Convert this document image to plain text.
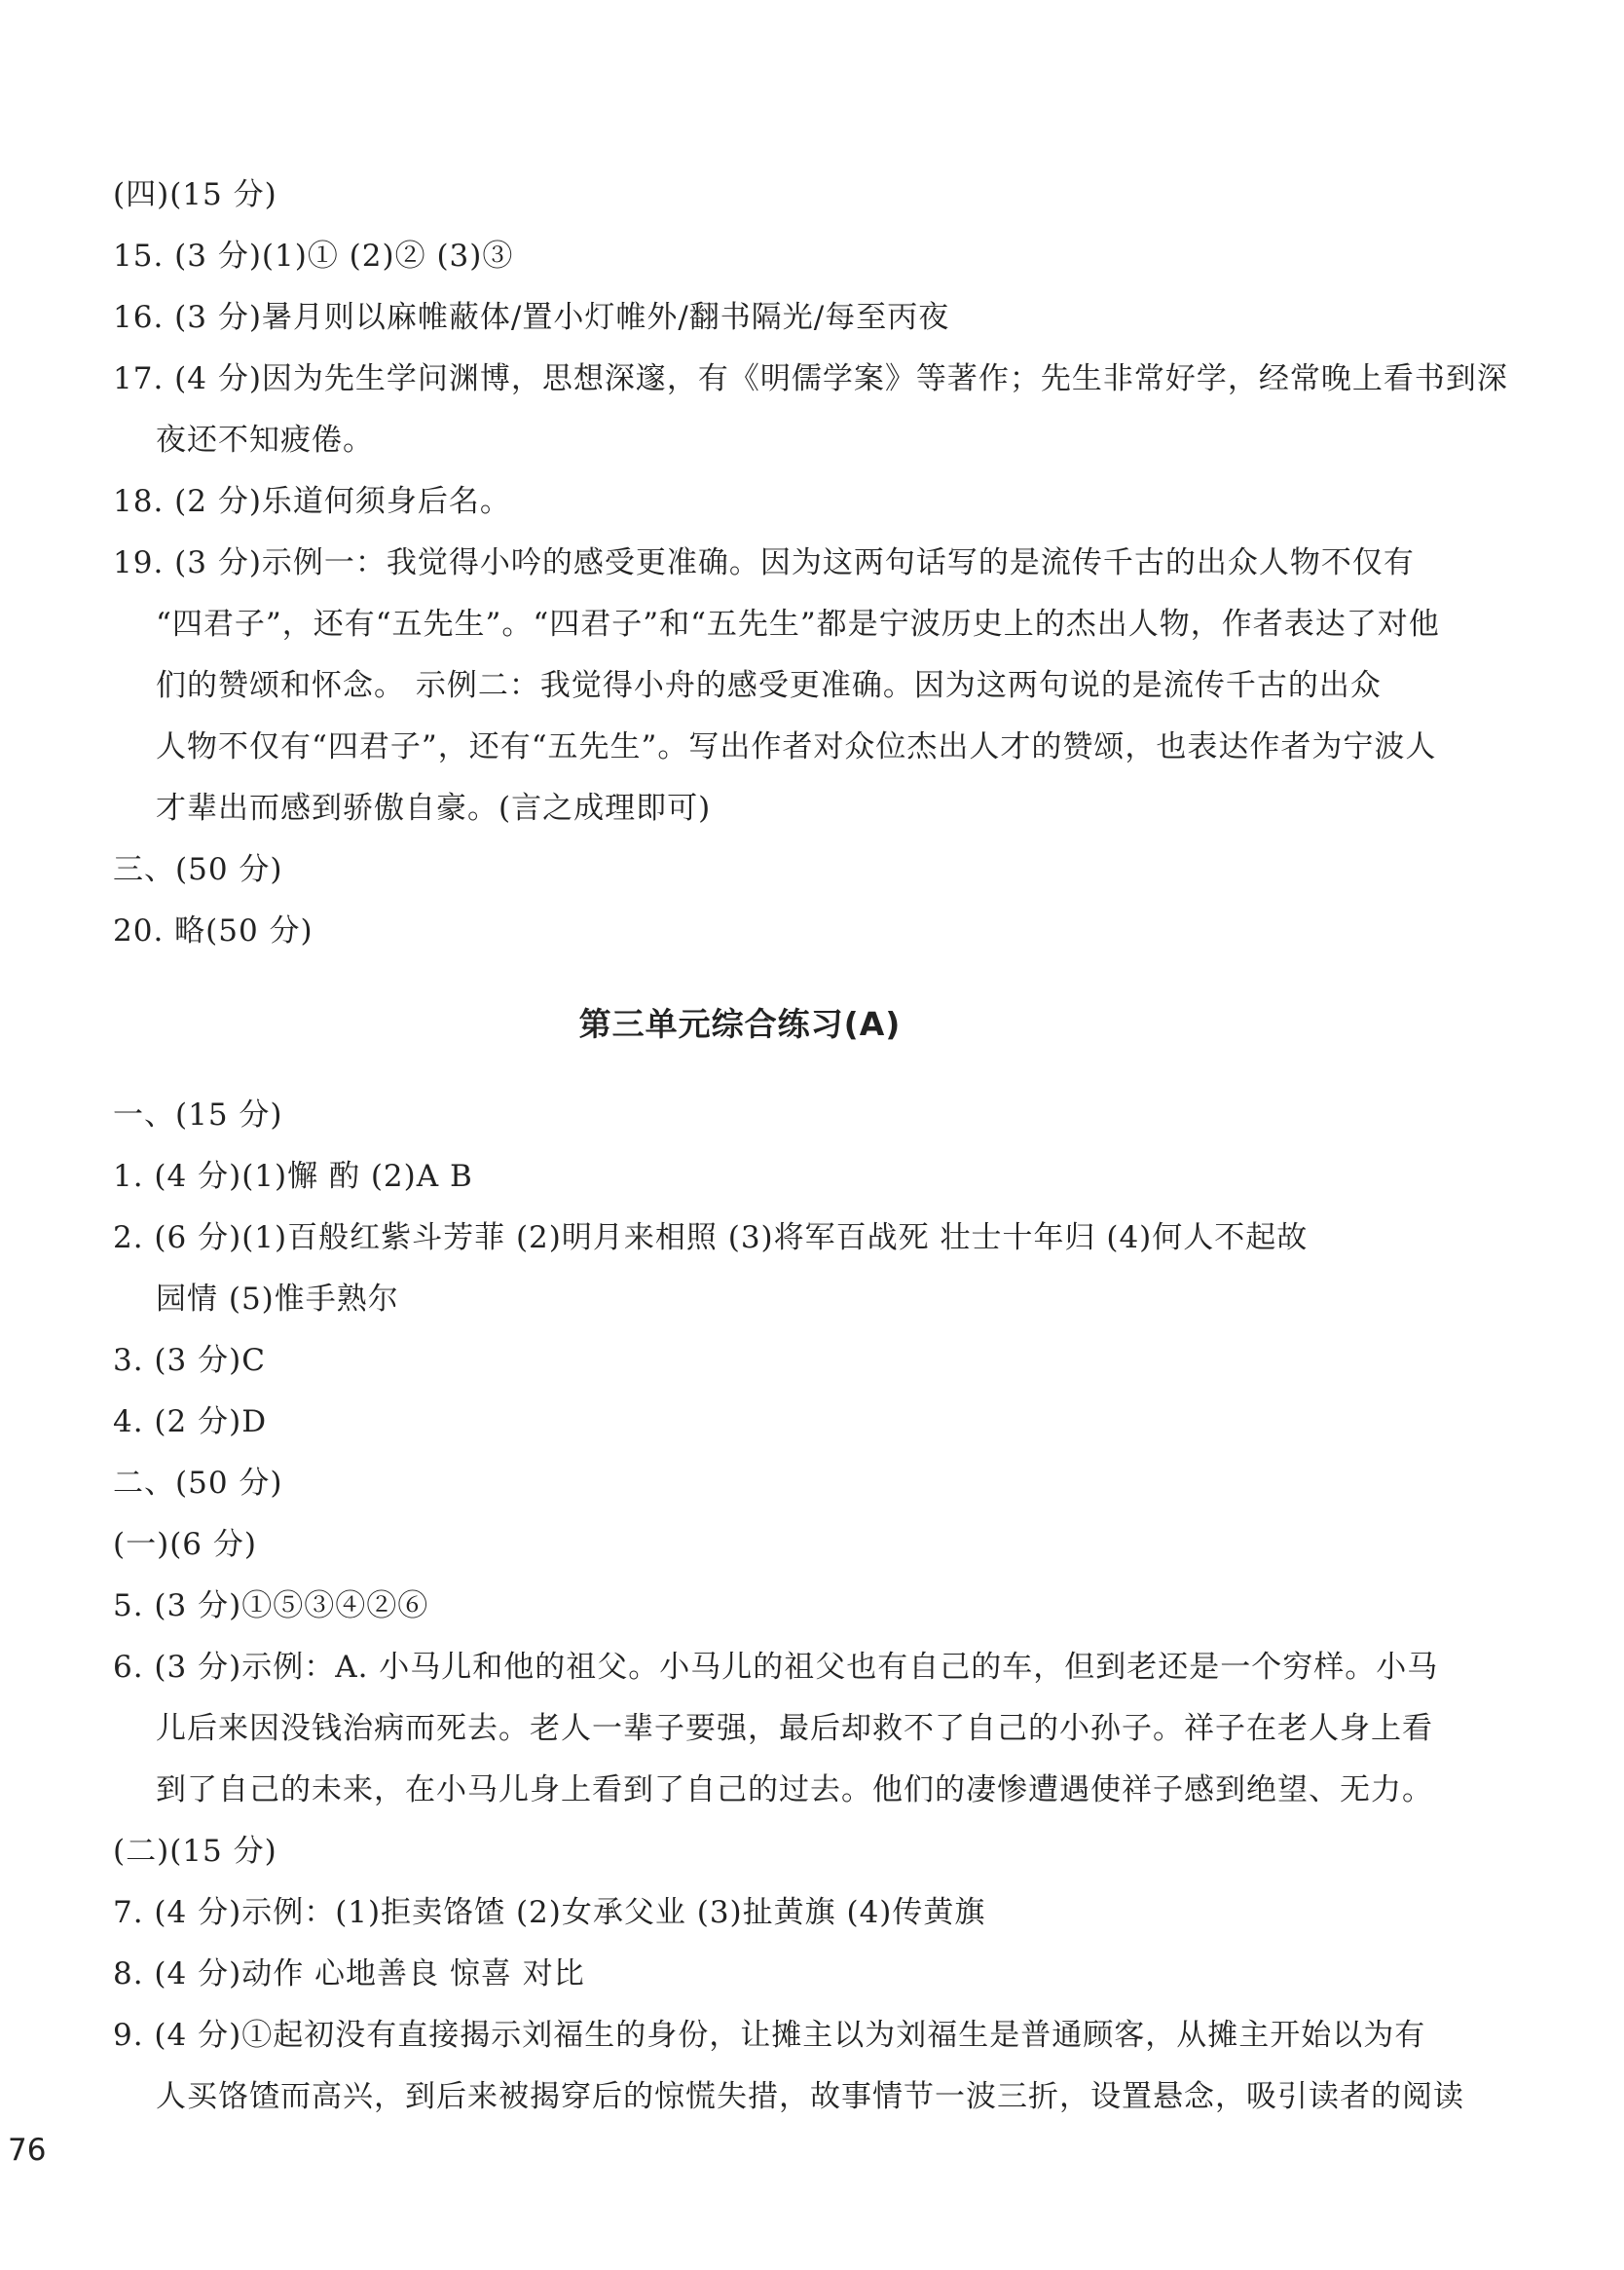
(四)(15 分)
15. (3 分)(1)① (2)② (3)③
16. (3 分)暑月则以麻帷蔽体/置小灯帷外/翻书隔光/每至丙夜
17. (4 分)因为先生学问渊博，思想深邃，有《明儒学案》等著作；先生非常好学，经常晚上看书到深
夜还不知疲倦。
18. (2 分)乐道何须身后名。
19. (3 分)示例一：我觉得小吟的感受更准确。因为这两句话写的是流传千古的出众人物不仅有
“四君子”，还有“五先生”。“四君子”和“五先生”都是宁波历史上的杰出人物，作者表达了对他
们的赞颂和怀念。 示例二：我觉得小舟的感受更准确。因为这两句说的是流传千古的出众
人物不仅有“四君子”，还有“五先生”。写出作者对众位杰出人才的赞颂，也表达作者为宁波人
才辈出而感到骄傲自豪。(言之成理即可)
三、(50 分)
20. 略(50 分)
第三单元综合练习(A)
一、(15 分)
1. (4 分)(1)懈 酌 (2)A B
2. (6 分)(1)百般红紫斗芳菲 (2)明月来相照 (3)将军百战死 壮士十年归 (4)何人不起故
园情 (5)惟手熟尔
3. (3 分)C
4. (2 分)D
二、(50 分)
(一)(6 分)
5. (3 分)①⑤③④②⑥
6. (3 分)示例：A. 小马儿和他的祖父。小马儿的祖父也有自己的车，但到老还是一个穷样。小马
儿后来因没钱治病而死去。老人一辈子要强，最后却救不了自己的小孙子。祥子在老人身上看
到了自己的未来，在小马儿身上看到了自己的过去。他们的凄惨遭遇使祥子感到绝望、无力。
(二)(15 分)
7. (4 分)示例：(1)拒卖饹馇 (2)女承父业 (3)扯黄旗 (4)传黄旗
8. (4 分)动作 心地善良 惊喜 对比
9. (4 分)①起初没有直接揭示刘福生的身份，让摊主以为刘福生是普通顾客，从摊主开始以为有
人买饹馇而高兴，到后来被揭穿后的惊慌失措，故事情节一波三折，设置悬念，吸引读者的阅读
76
